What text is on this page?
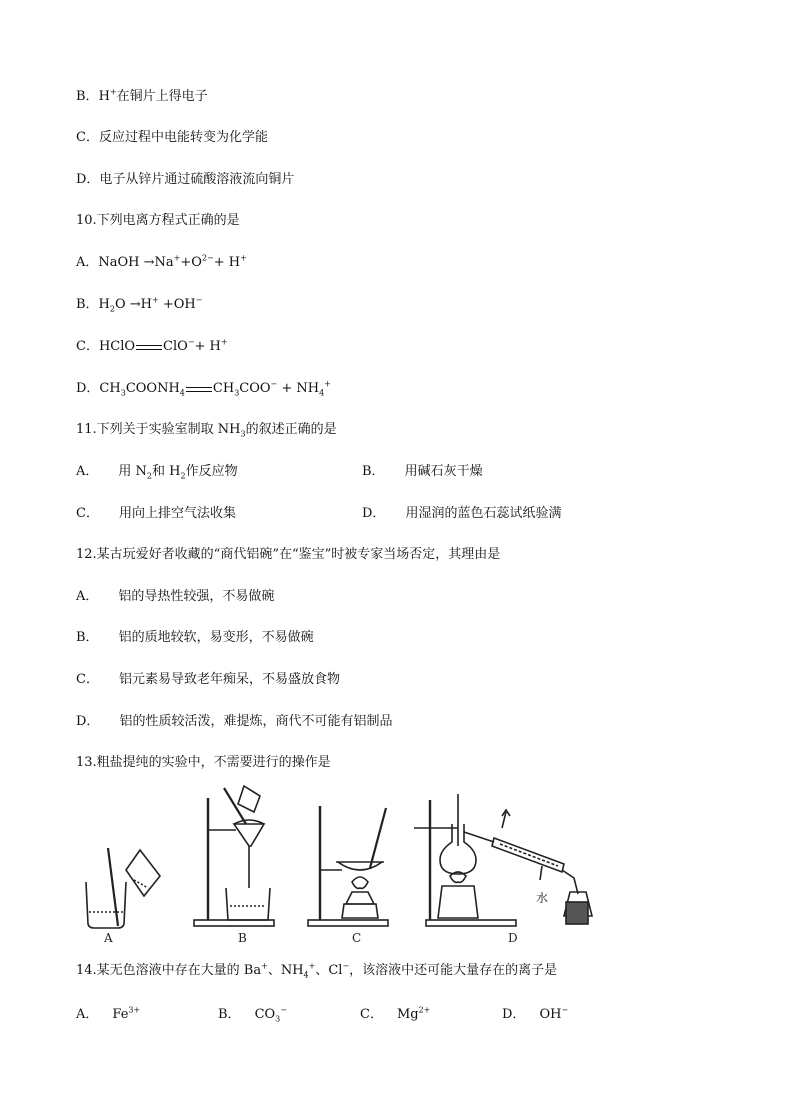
B．H+在铜片上得电子
C．反应过程中电能转变为化学能
D．电子从锌片通过硫酸溶液流向铜片
10.下列电离方程式正确的是
A．NaOH $\to Na^++O^{2-}+ H^+$
B．$H_2O \to H^+ +OH^-$
C．HClO ClO−+ H+
D．$CH_3COONH_4$ $CH_3COO^- + NH_4^+$
11.下列关于实验室制取 $NH_3$的叙述正确的是
A． 用 $N_2$和 $H_2$作反应物	B． 用碱石灰干燥
C． 用向上排空气法收集	D． 用湿润的蓝色石蕊试纸验满
12.某古玩爱好者收藏的“商代铝碗”在“鉴宝”时被专家当场否定，其理由是
A． 铝的导热性较强，不易做碗
B． 铝的质地较软，易变形，不易做碗
C． 铝元素易导致老年痴呆，不易盛放食物
D． 铝的性质较活泼，难提炼，商代不可能有铝制品
13.粗盐提纯的实验中，不需要进行的操作是
A	B	C
水
D
14.某无色溶液中存在大量的 Ba+、$NH_4^+$、Cl−，该溶液中还可能大量存在的离子是
A． $Fe^{3+}$	B． $CO_3^-$	C． $Mg^{2+}$	D． OH−
